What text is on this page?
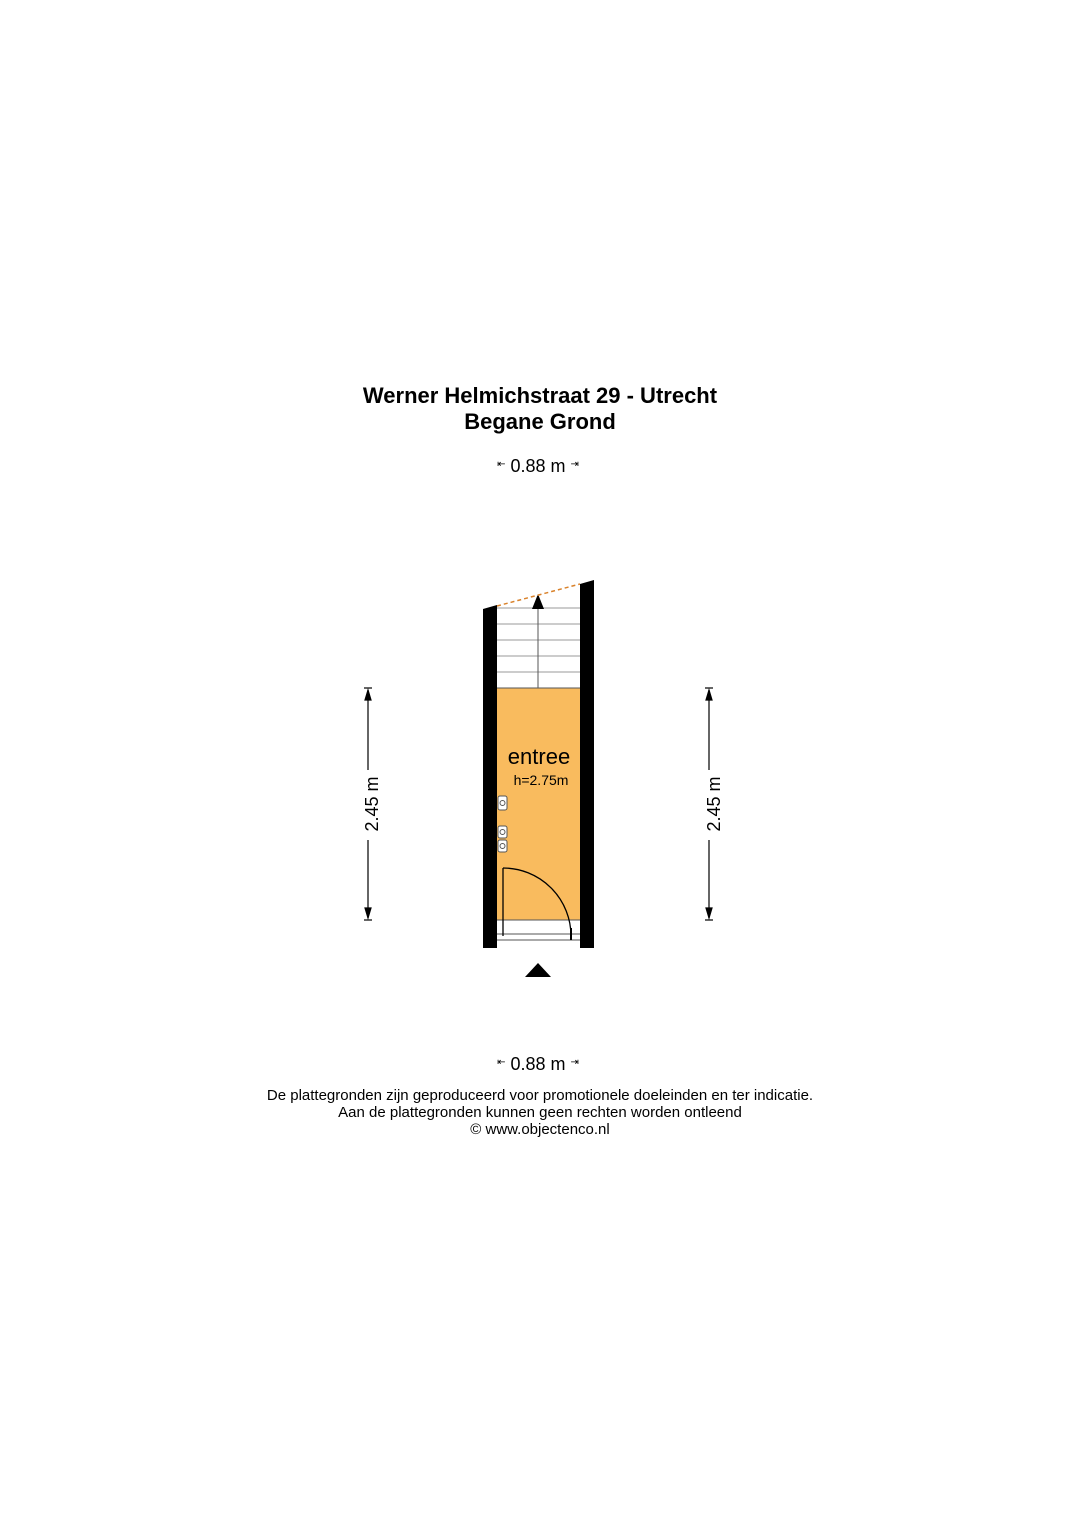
Werner Helmichstraat 29 - Utrecht
Begane Grond
⇤ 0.88 m ⇥
entree
h=2.75m
2.45 m	2.45 m
⇤ 0.88 m ⇥
De plattegronden zijn geproduceerd voor promotionele doeleinden en ter indicatie.
Aan de plattegronden kunnen geen rechten worden ontleend
© www.objectenco.nl
